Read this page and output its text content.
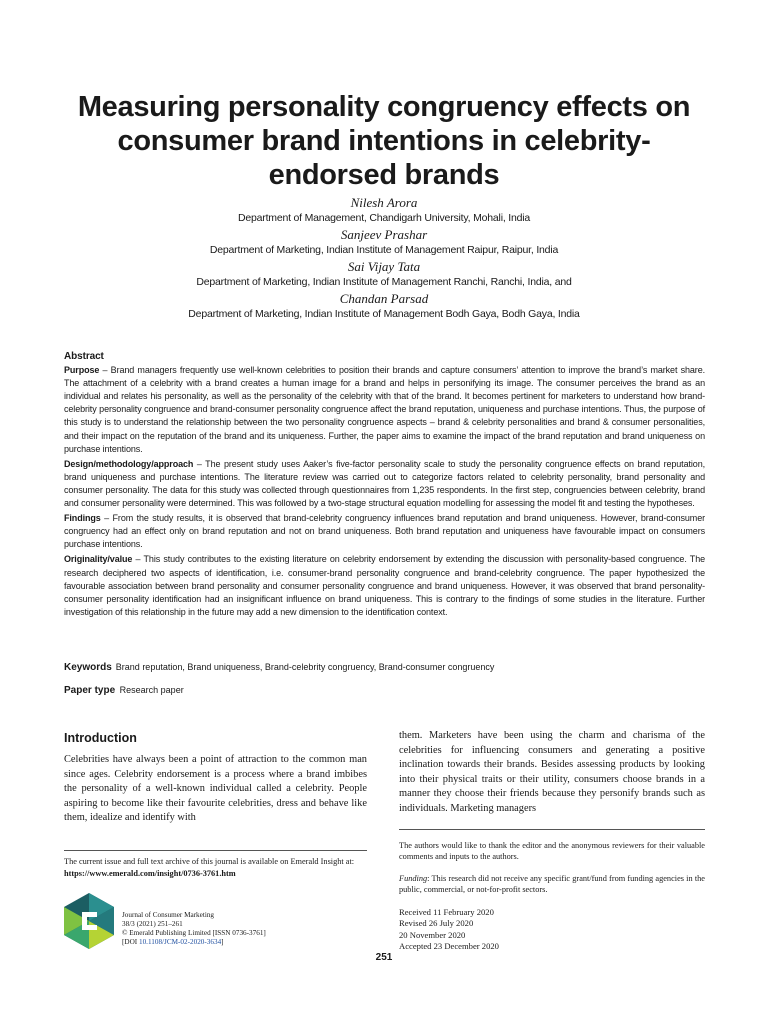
Measuring personality congruency effects on consumer brand intentions in celebrity-endorsed brands
Nilesh Arora
Department of Management, Chandigarh University, Mohali, India
Sanjeev Prashar
Department of Marketing, Indian Institute of Management Raipur, Raipur, India
Sai Vijay Tata
Department of Marketing, Indian Institute of Management Ranchi, Ranchi, India, and
Chandan Parsad
Department of Marketing, Indian Institute of Management Bodh Gaya, Bodh Gaya, India
Abstract

Purpose – Brand managers frequently use well-known celebrities to position their brands and capture consumers’ attention to improve the brand’s market share. The attachment of a celebrity with a brand creates a human image for a brand and helps in personifying its image. The consumer perceives the brand as an individual and relates his personality, as well as the personality of the celebrity with that of the brand. It becomes pertinent for marketers to understand how brand-celebrity personality congruence and brand-consumer personality congruence affect the brand reputation, uniqueness and purchase intentions. Thus, the purpose of this study is to understand the relationship between the two personality congruence aspects – brand & celebrity personalities and brand & consumer personalities, and their impact on the reputation of the brand and its uniqueness. Further, the paper aims to examine the impact of the brand reputation and brand uniqueness on purchase intentions.

Design/methodology/approach – The present study uses Aaker’s five-factor personality scale to study the personality congruence effects on brand reputation, brand uniqueness and purchase intentions. The literature review was carried out to categorize factors related to celebrity personality, brand personality and consumer personality. The data for this study was collected through questionnaires from 1,235 respondents. In the first step, congruencies between celebrity, brand and consumer personality were determined. This was followed by a two-stage structural equation modelling for assessing the model fit and testing the hypotheses.

Findings – From the study results, it is observed that brand-celebrity congruency influences brand reputation and brand uniqueness. However, brand-consumer congruency had an effect only on brand reputation and not on brand uniqueness. Both brand reputation and uniqueness have favourable impact on consumers purchase intentions.

Originality/value – This study contributes to the existing literature on celebrity endorsement by extending the discussion with personality-based congruence. The research deciphered two aspects of identification, i.e. consumer-brand personality congruence and brand-celebrity congruence. The paper hypothesized the favourable association between brand personality and consumer personality congruence and brand uniqueness. However, it was observed that brand personality-consumer personality identification had an insignificant influence on brand uniqueness. This is contrary to the findings of some studies in the literature. Further investigation of this relationship in the future may add a new dimension to the identification context.

Keywords Brand reputation, Brand uniqueness, Brand-celebrity congruency, Brand-consumer congruency
Paper type Research paper
Introduction

Celebrities have always been a point of attraction to the common man since ages. Celebrity endorsement is a process where a brand imbibes the personality of a well-known individual called a celebrity. People aspiring to become like their favourite celebrities, dress and behave like them, idealize and identify with

them. Marketers have been using the charm and charisma of the celebrities for influencing consumers and generating a positive inclination towards their brands. Besides assessing products by looking into their physical traits or their utility, consumers choose brands in a manner they choose their friends because they personify brands such as individuals. Marketing managers

The current issue and full text archive of this journal is available on Emerald Insight at: https://www.emerald.com/insight/0736-3761.htm
Journal of Consumer Marketing
38/3 (2021) 251–261
© Emerald Publishing Limited [ISSN 0736-3761]
[DOI 10.1108/JCM-02-2020-3634]
The authors would like to thank the editor and the anonymous reviewers for their valuable comments and inputs to the authors.
Funding: This research did not receive any specific grant/fund from funding agencies in the public, commercial, or not-for-profit sectors.
Received 11 February 2020
Revised 26 July 2020
20 November 2020
Accepted 23 December 2020
251
